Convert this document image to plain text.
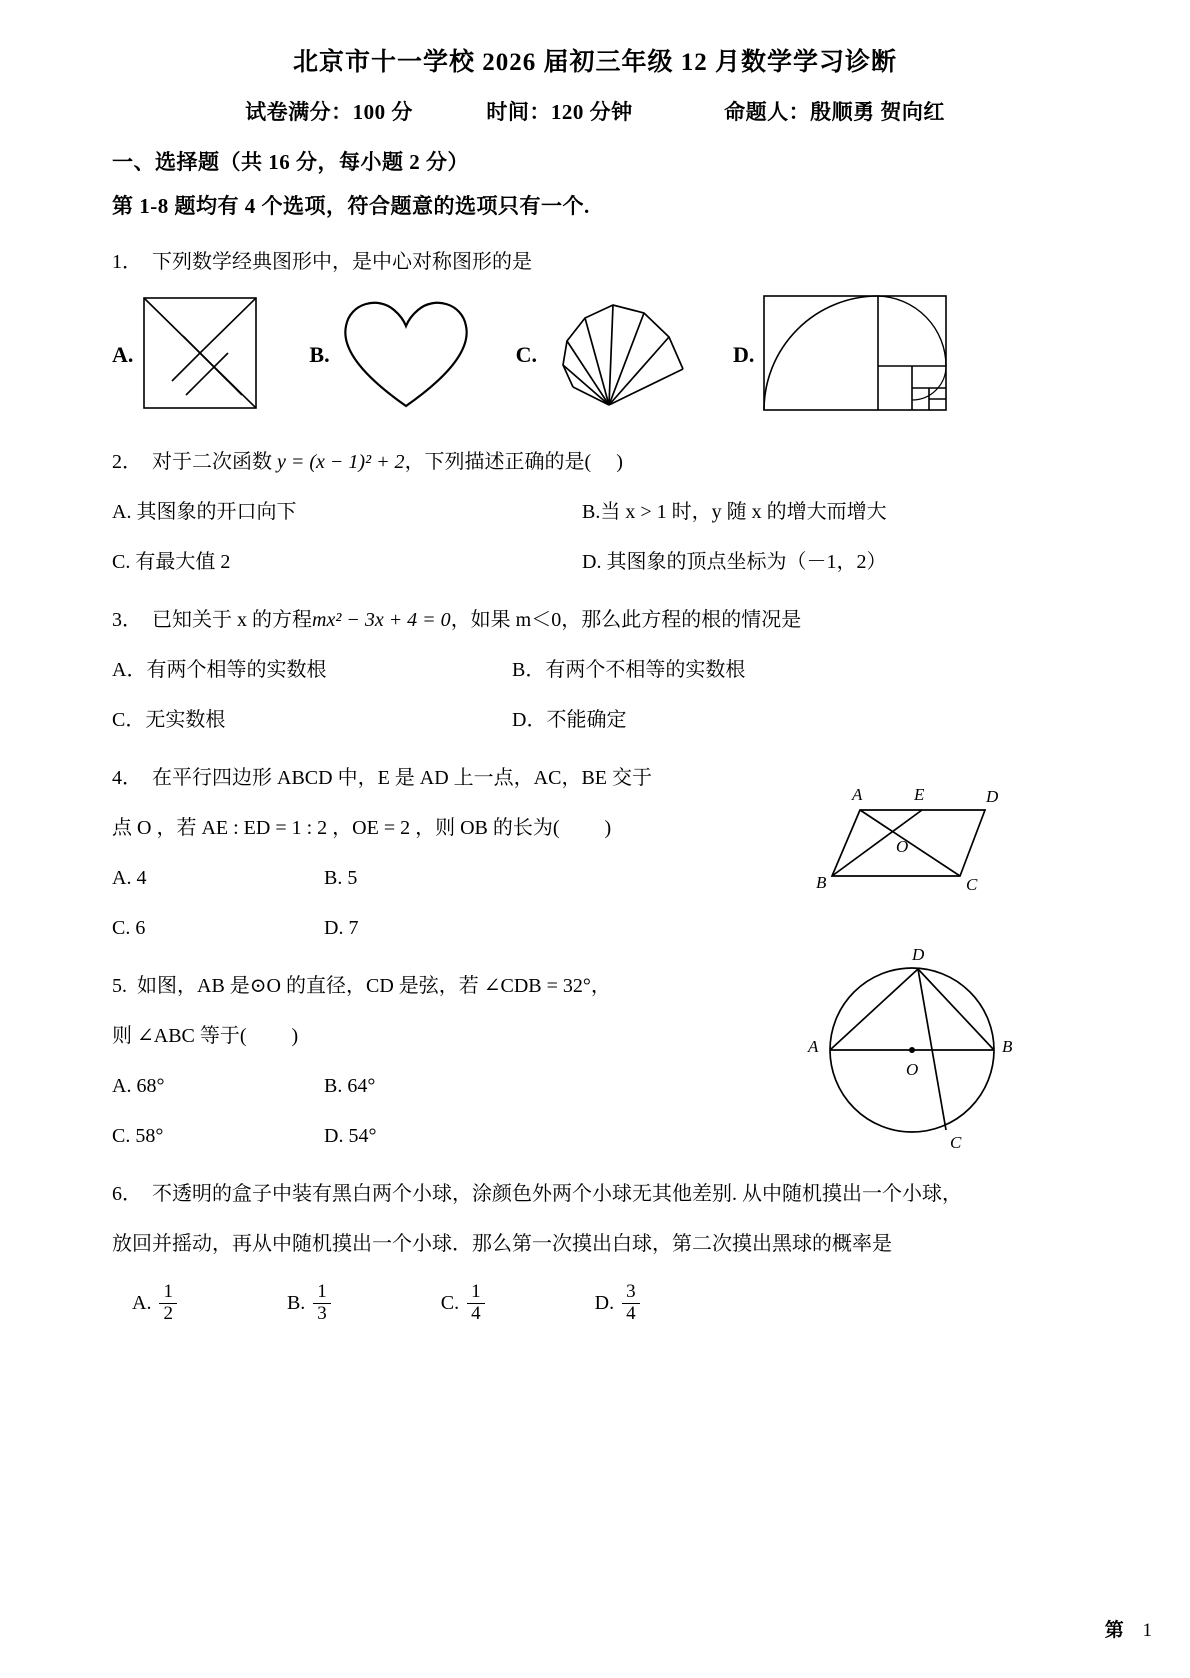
北京市十一学校 2026 届初三年级 12 月数学学习诊断
试卷满分：100 分	时间：120 分钟	命题人：殷顺勇 贺向红
一、选择题（共 16 分，每小题 2 分）
第 1-8 题均有 4 个选项，符合题意的选项只有一个.
1． 下列数学经典图形中，是中心对称图形的是
A.	B.	C.	D.
2． 对于二次函数 y = (x − 1)² + 2，下列描述正确的是(　 )
A. 其图象的开口向下	B.当 x > 1 时，y 随 x 的增大而增大
C. 有最大值 2	D. 其图象的顶点坐标为（－1，2）
3． 已知关于 x 的方程mx² − 3x + 4 = 0，如果 m＜0，那么此方程的根的情况是
A．有两个相等的实数根	B．有两个不相等的实数根
C．无实数根	D．不能确定
4． 在平行四边形 ABCD 中，E 是 AD 上一点，AC，BE 交于
点 O ，若 AE : ED = 1 : 2 ，OE = 2 ，则 OB 的长为(　　 )
A. 4	B. 5
C. 6	D. 7
A	E	D
B	C
O
5. 如图，AB 是⊙O 的直径，CD 是弦，若 ∠CDB = 32°，
则 ∠ABC 等于(　　 )
A. 68°	B. 64°
C. 58°	D. 54°
D
A
O
B
C
6． 不透明的盒子中装有黑白两个小球，涂颜色外两个小球无其他差别. 从中随机摸出一个小球，
放回并摇动，再从中随机摸出一个小球．那么第一次摸出白球，第二次摸出黑球的概率是
A. $\frac{1}{2}$	B. $\frac{1}{3}$	C. $\frac{1}{4}$	D. $\frac{3}{4}$
第 1
